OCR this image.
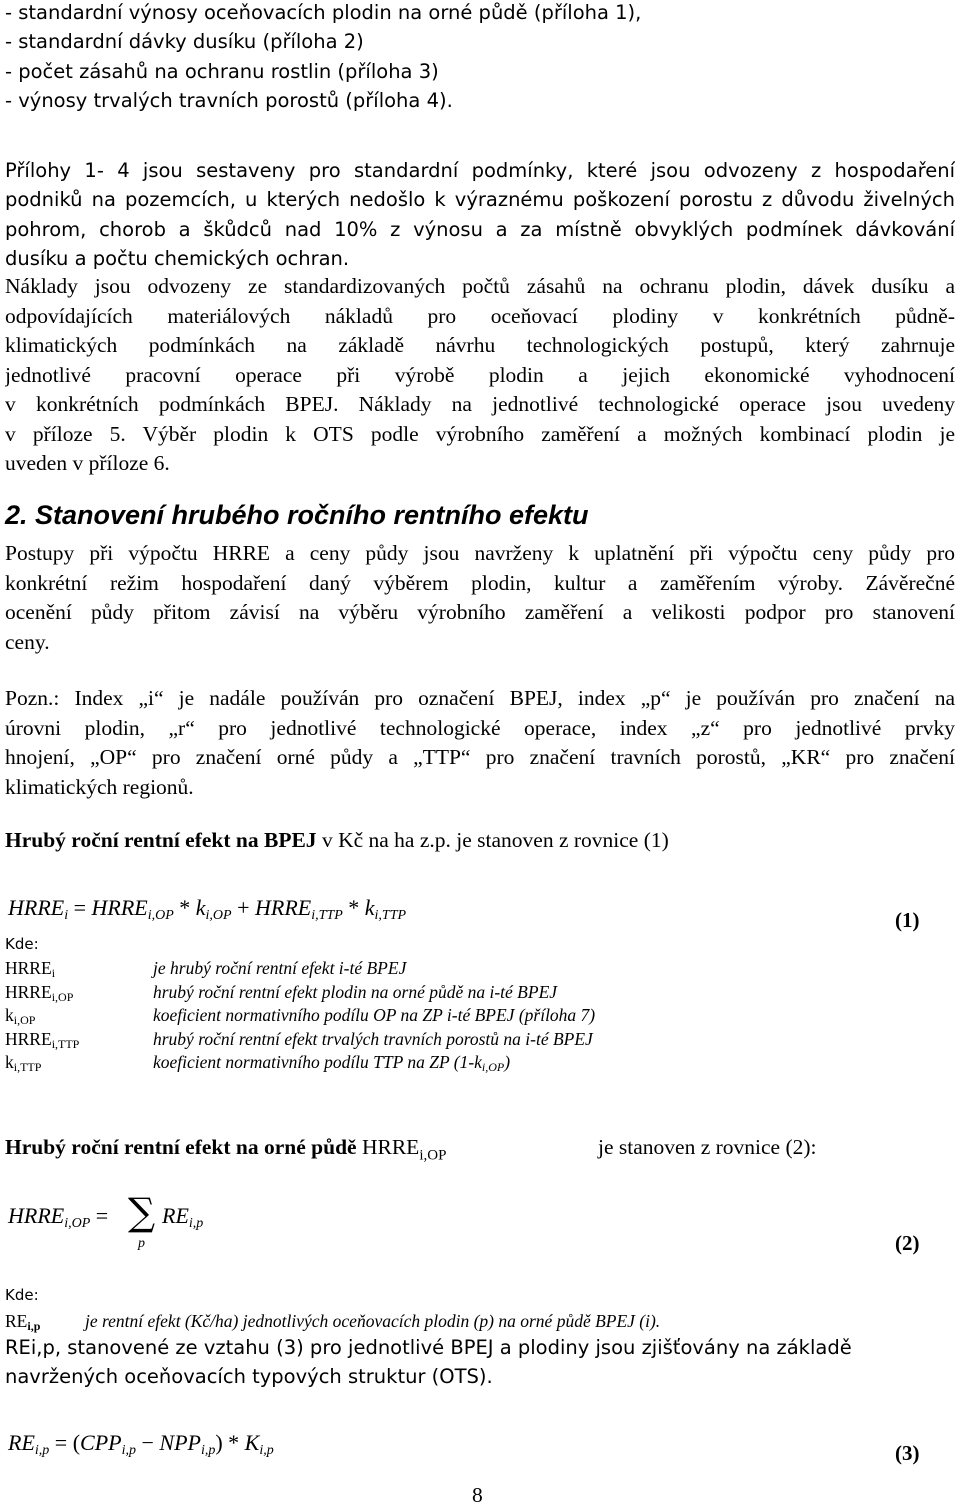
- standardní výnosy oceňovacích plodin na orné půdě (příloha 1),
- standardní dávky dusíku (příloha 2)
- počet zásahů na ochranu rostlin (příloha 3)
- výnosy trvalých travních porostů (příloha 4).
Přílohy 1- 4 jsou sestaveny pro standardní podmínky, které jsou odvozeny z hospodaření
podniků na pozemcích, u kterých nedošlo k výraznému poškození porostu z důvodu živelných
pohrom, chorob a škůdců nad 10% z výnosu a za místně obvyklých podmínek dávkování
dusíku a počtu chemických ochran.
Náklady jsou odvozeny ze standardizovaných počtů zásahů na ochranu plodin, dávek dusíku a
odpovídajících materiálových nákladů pro oceňovací plodiny v konkrétních půdně-
klimatických podmínkách na základě návrhu technologických postupů, který zahrnuje
jednotlivé pracovní operace při výrobě plodin a jejich ekonomické vyhodnocení
v konkrétních podmínkách BPEJ. Náklady na jednotlivé technologické operace jsou uvedeny
v příloze 5. Výběr plodin k OTS podle výrobního zaměření a možných kombinací plodin je
uveden v příloze 6.
2. Stanovení hrubého ročního rentního efektu
Postupy při výpočtu HRRE a ceny půdy jsou navrženy k uplatnění při výpočtu ceny půdy pro
konkrétní režim hospodaření daný výběrem plodin, kultur a zaměřením výroby. Závěrečné
ocenění půdy přitom závisí na výběru výrobního zaměření a velikosti podpor pro stanovení
ceny.
Pozn.: Index „i“ je nadále používán pro označení BPEJ, index „p“ je používán pro značení na
úrovni plodin, „r“ pro jednotlivé technologické operace, index „z“ pro jednotlivé prvky
hnojení, „OP“ pro značení orné půdy a „TTP“ pro značení travních porostů, „KR“ pro značení
klimatických regionů.
Hrubý roční rentní efekt na BPEJ v Kč na ha z.p. je stanoven z rovnice (1)
$HRRE_i$ = $HRRE_{i,OP} * k_{i,OP}$ + $HRRE_{i,TTP} * k_{i,TTP}$	(1)
Kde:
$HRRE_i$	je hrubý roční rentní efekt i-té BPEJ
$HRRE_{i,OP}$	hrubý roční rentní efekt plodin na orné půdě na i-té BPEJ
$k_{i,OP}$	koeficient normativního podílu OP na ZP i-té BPEJ (příloha 7)
$HRRE_{i,TTP}$	hrubý roční rentní efekt trvalých travních porostů na i-té BPEJ
$k_{i,TTP}$	koeficient normativního podílu TTP na ZP $(1-k_{i,OP})$
Hrubý roční rentní efekt na orné půdě $HRRE_{i,OP}$	je stanoven z rovnice (2):
$HRRE_{i,OP}$ = ∑
p
$RE_{i,p}$
(2)
Kde:
$RE_{i,p}$	je rentní efekt (Kč/ha) jednotlivých oceňovacích plodin (p) na orné půdě BPEJ (i).
REi,p, stanovené ze vztahu (3) pro jednotlivé BPEJ a plodiny jsou zjišťovány na základě
navržených oceňovacích typových struktur (OTS).
$RE_{i,p} = (CPP_{i,p} - NPP_{i,p}) * K_{i,p}$	(3)
8
